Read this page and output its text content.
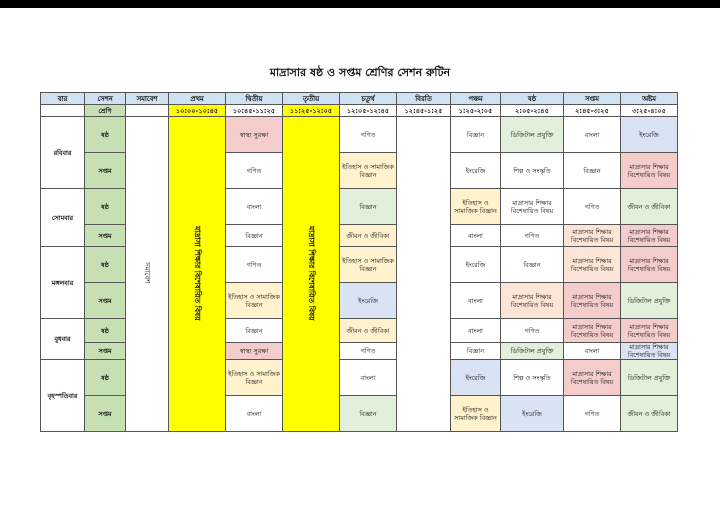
মাদ্রাসার ষষ্ঠ ও সপ্তম শ্রেণির সেশন রুটিন
বার	সেশন	সমাবেশ	প্রথম	দ্বিতীয়	তৃতীয়	চতুর্থ	বিরতি	পঞ্চম	ষষ্ঠ	সপ্তম	অষ্টম
	শ্রেণি		১০:০০-১০:৪৫	১০:৪৫-১১:২৫	১১:২৫-১২:০৫	১২:০৫-১২:৪৫	১২:৪৫-১:২৫	১:২৫-২:০৫	২:০৫-২:৪৫	২:৪৫-৩:২৫	৩:২৫-৪:০৫
রবিবার	ষষ্ঠ	সমাবেশ	মাদ্রাসা শিক্ষার বিশেষায়িত বিষয়	স্বাস্থ্য সুরক্ষা	মাদ্রাসা শিক্ষার বিশেষায়িত বিষয়	গণিত		বিজ্ঞান	ডিজিটাল প্রযুক্তি	বাংলা	ইংরেজি
	সপ্তম			গণিত		ইতিহাস ও সামাজিক বিজ্ঞান		ইংরেজি	শিল্প ও সংস্কৃতি	বিজ্ঞান	মাদ্রাসার শিক্ষার বিশেষায়িত বিষয়
সোমবার	ষষ্ঠ			বাংলা		বিজ্ঞান		ইতিহাস ও সামাজিক বিজ্ঞান	মাদ্রাসার শিক্ষার বিশেষায়িত বিষয়	গণিত	জীবন ও জীবিকা
	সপ্তম			বিজ্ঞান		জীবন ও জীবিকা		বাংলা	গণিত	মাদ্রাসার শিক্ষার বিশেষায়িত বিষয়	মাদ্রাসার শিক্ষার বিশেষায়িত বিষয়
মঙ্গলবার	ষষ্ঠ			গণিত		ইতিহাস ও সামাজিক বিজ্ঞান		ইংরেজি	বিজ্ঞান	মাদ্রাসার শিক্ষার বিশেষায়িত বিষয়	মাদ্রাসার শিক্ষার বিশেষায়িত বিষয়
	সপ্তম			ইতিহাস ও সামাজিক বিজ্ঞান		ইংরেজি		বাংলা	মাদ্রাসার শিক্ষার বিশেষায়িত বিষয়	মাদ্রাসার শিক্ষার বিশেষায়িত বিষয়	ডিজিটাল প্রযুক্তি
বুধবার	ষষ্ঠ			বিজ্ঞান		জীবন ও জীবিকা		বাংলা	গণিত	মাদ্রাসার শিক্ষার বিশেষায়িত বিষয়	মাদ্রাসার শিক্ষার বিশেষায়িত বিষয়
	সপ্তম			স্বাস্থ্য সুরক্ষা		গণিত		বিজ্ঞান	ডিজিটাল প্রযুক্তি	বাংলা	মাদ্রাসার শিক্ষার বিশেষায়িত বিষয়
বৃহস্পতিবার	ষষ্ঠ			ইতিহাস ও সামাজিক বিজ্ঞান		বাংলা		ইংরেজি	শিল্প ও সংস্কৃতি	মাদ্রাসার শিক্ষার বিশেষায়িত বিষয়	ডিজিটাল প্রযুক্তি
	সপ্তম			বাংলা		বিজ্ঞান		ইতিহাস ও সামাজিক বিজ্ঞান	ইংরেজি	গণিত	জীবন ও জীবিকা
